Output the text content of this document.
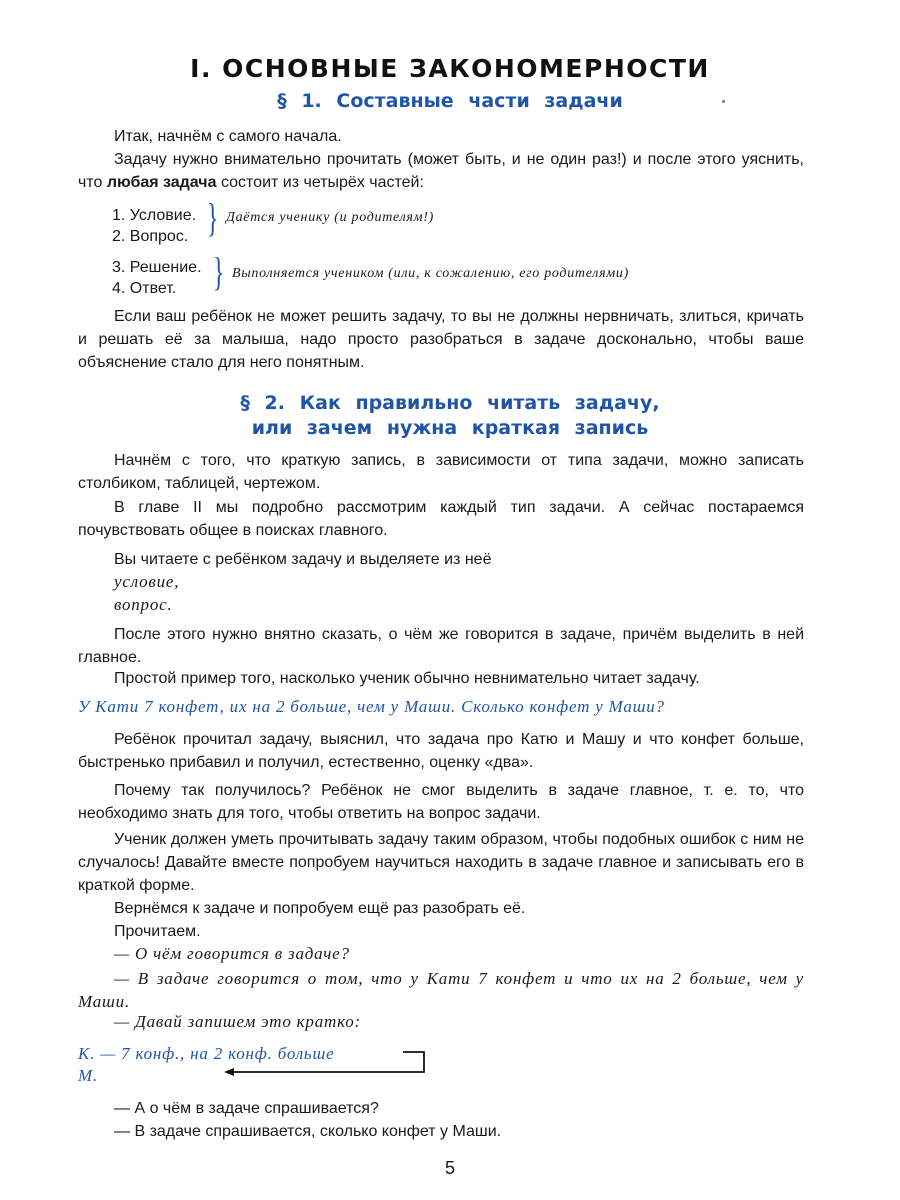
I. ОСНОВНЫЕ ЗАКОНОМЕРНОСТИ
§ 1. Составные части задачи
Итак, начнём с самого начала.
Задачу нужно внимательно прочитать (может быть, и не один раз!) и после этого уяснить, что любая задача состоит из четырёх частей:
1. Условие.
2. Вопрос. } Даётся ученику (и родителям!)
3. Решение.
4. Ответ. } Выполняется учеником (или, к сожалению, его родителями)
Если ваш ребёнок не может решить задачу, то вы не должны нервничать, злиться, кричать и решать её за малыша, надо просто разобраться в задаче досконально, чтобы ваше объяснение стало для него понятным.
§ 2. Как правильно читать задачу,
или зачем нужна краткая запись
Начнём с того, что краткую запись, в зависимости от типа задачи, можно записать столбиком, таблицей, чертежом.
В главе II мы подробно рассмотрим каждый тип задачи. А сейчас постараемся почувствовать общее в поисках главного.
Вы читаете с ребёнком задачу и выделяете из неё
условие,
вопрос.
После этого нужно внятно сказать, о чём же говорится в задаче, причём выделить в ней главное.
Простой пример того, насколько ученик обычно невнимательно читает задачу.
У Кати 7 конфет, их на 2 больше, чем у Маши. Сколько конфет у Маши?
Ребёнок прочитал задачу, выяснил, что задача про Катю и Машу и что конфет больше, быстренько прибавил и получил, естественно, оценку «два».
Почему так получилось? Ребёнок не смог выделить в задаче главное, т. е. то, что необходимо знать для того, чтобы ответить на вопрос задачи.
Ученик должен уметь прочитывать задачу таким образом, чтобы подобных ошибок с ним не случалось! Давайте вместе попробуем научиться находить в задаче главное и записывать его в краткой форме.
Вернёмся к задаче и попробуем ещё раз разобрать её.
Прочитаем.
— О чём говорится в задаче?
— В задаче говорится о том, что у Кати 7 конфет и что их на 2 больше, чем у Маши.
— Давай запишем это кратко:
К. — 7 конф., на 2 конф. больше
М.
— А о чём в задаче спрашивается?
— В задаче спрашивается, сколько конфет у Маши.
5
